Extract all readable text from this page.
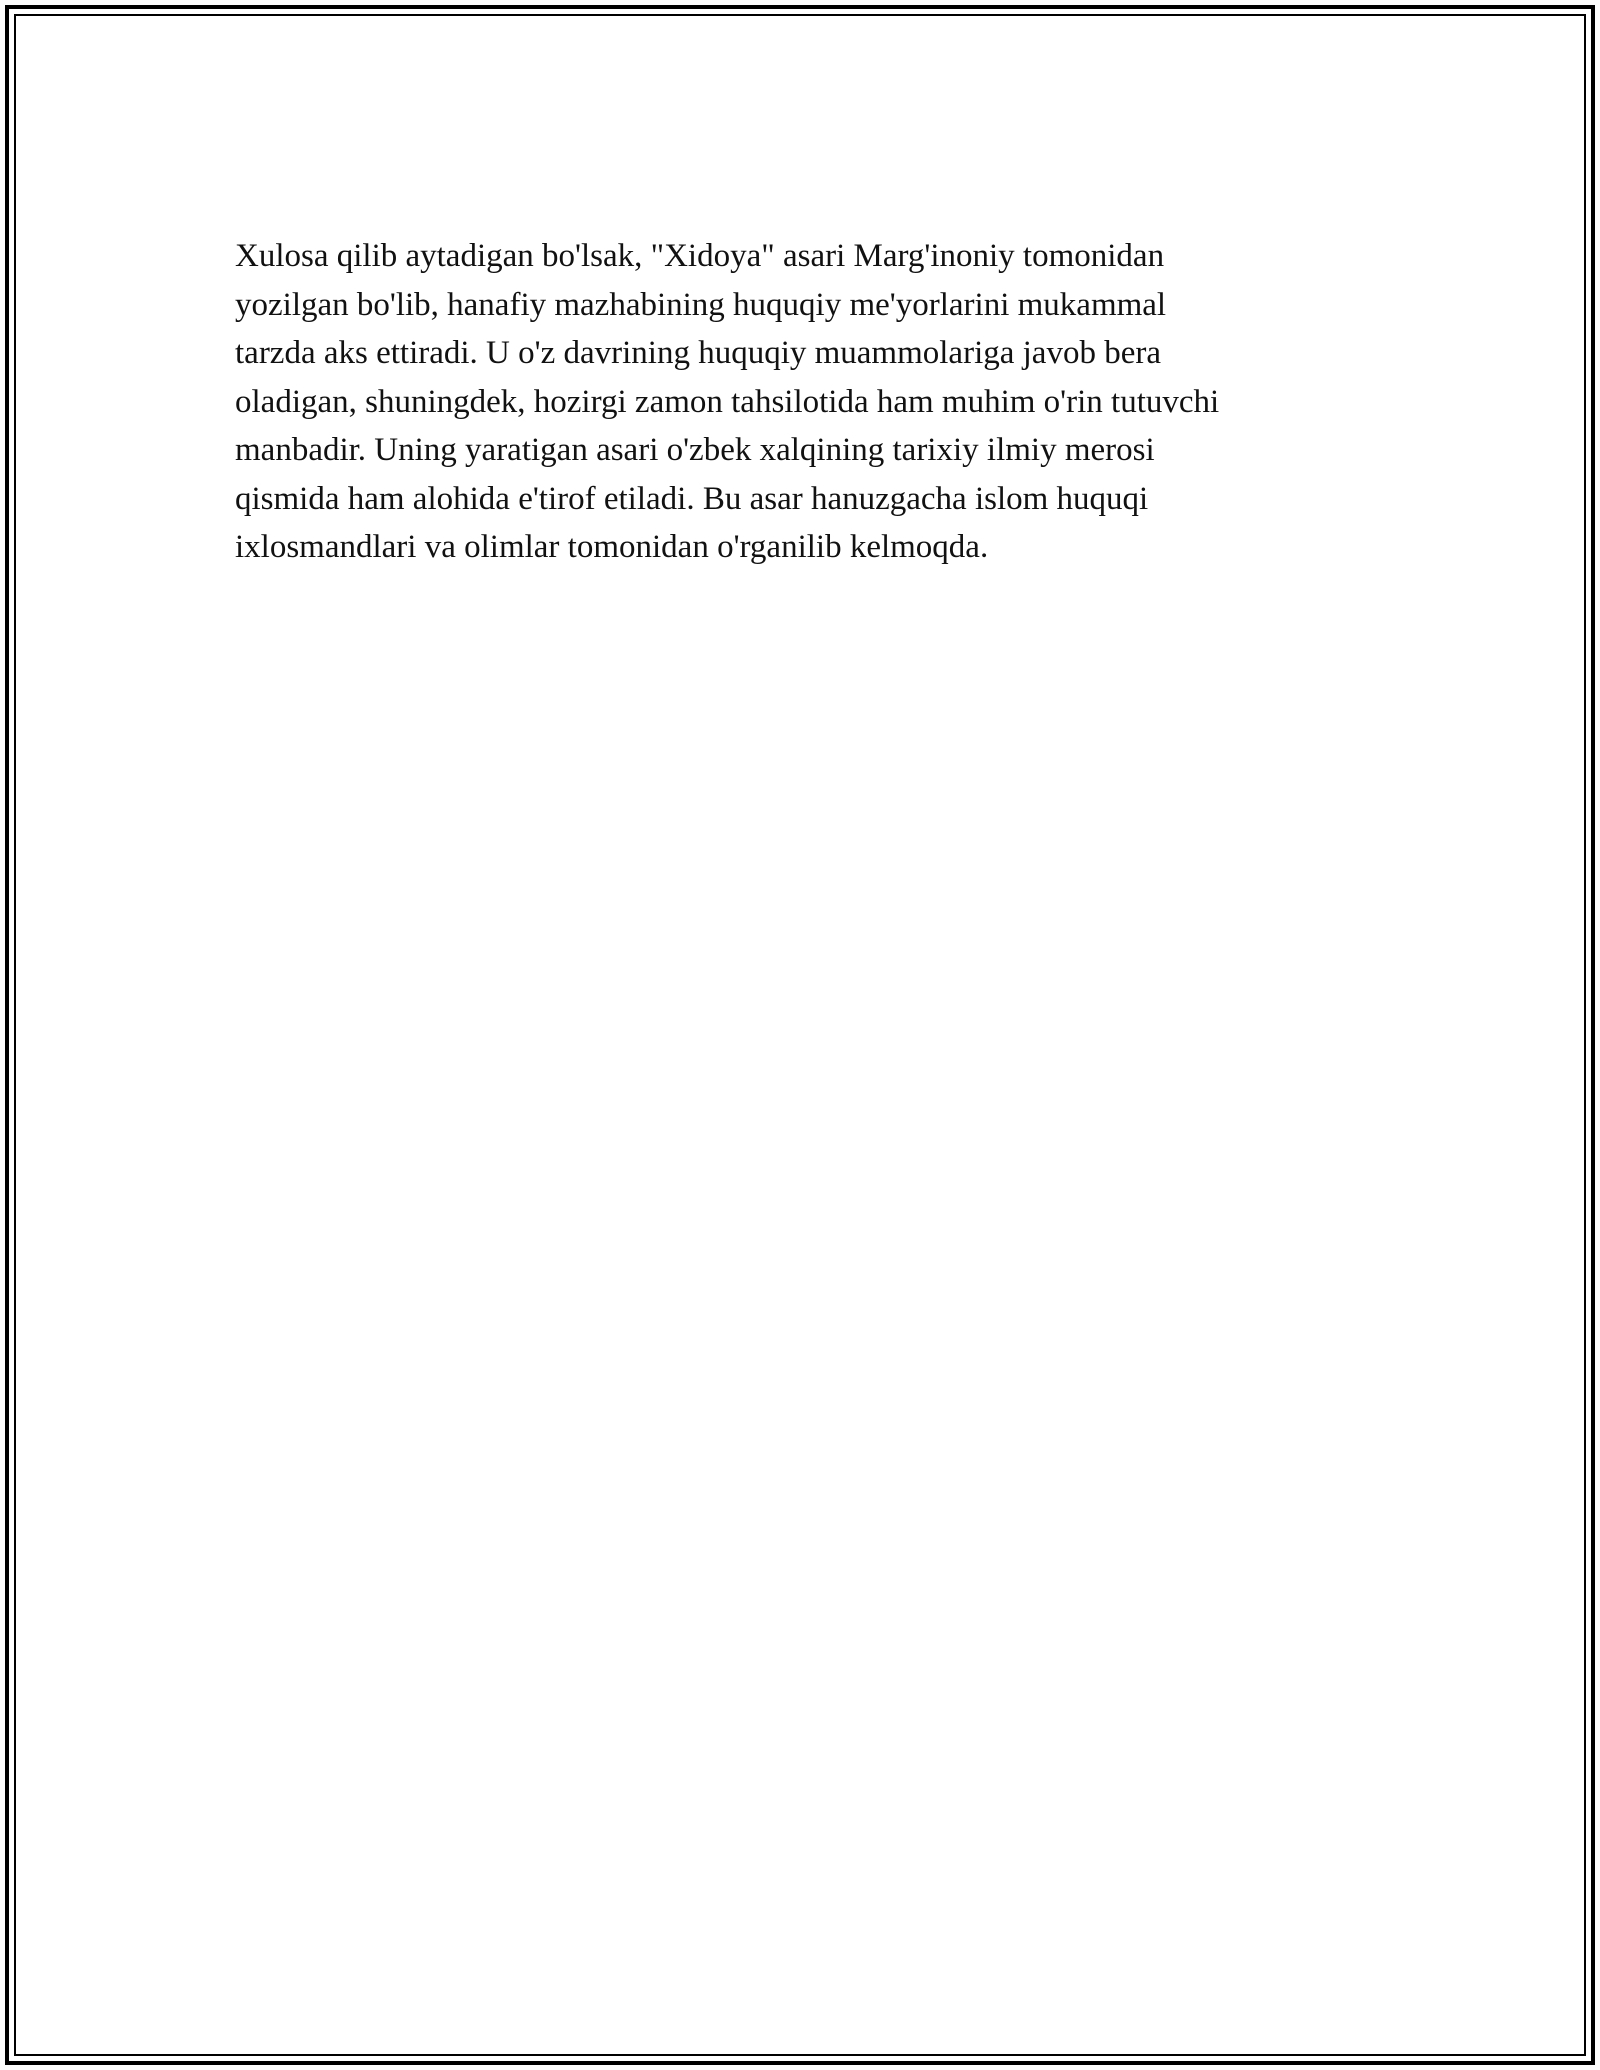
Xulosa qilib aytadigan bo'lsak, "Xidoya" asari Marg'inoniy tomonidan
yozilgan bo'lib, hanafiy mazhabining huquqiy me'yorlarini mukammal
tarzda aks ettiradi. U o'z davrining huquqiy muammolariga javob bera
oladigan, shuningdek, hozirgi zamon tahsilotida ham muhim o'rin tutuvchi
manbadir. Uning yaratigan asari o'zbek xalqining tarixiy ilmiy merosi
qismida ham alohida e'tirof etiladi. Bu asar hanuzgacha islom huquqi
ixlosmandlari va olimlar tomonidan o'rganilib kelmoqda.
